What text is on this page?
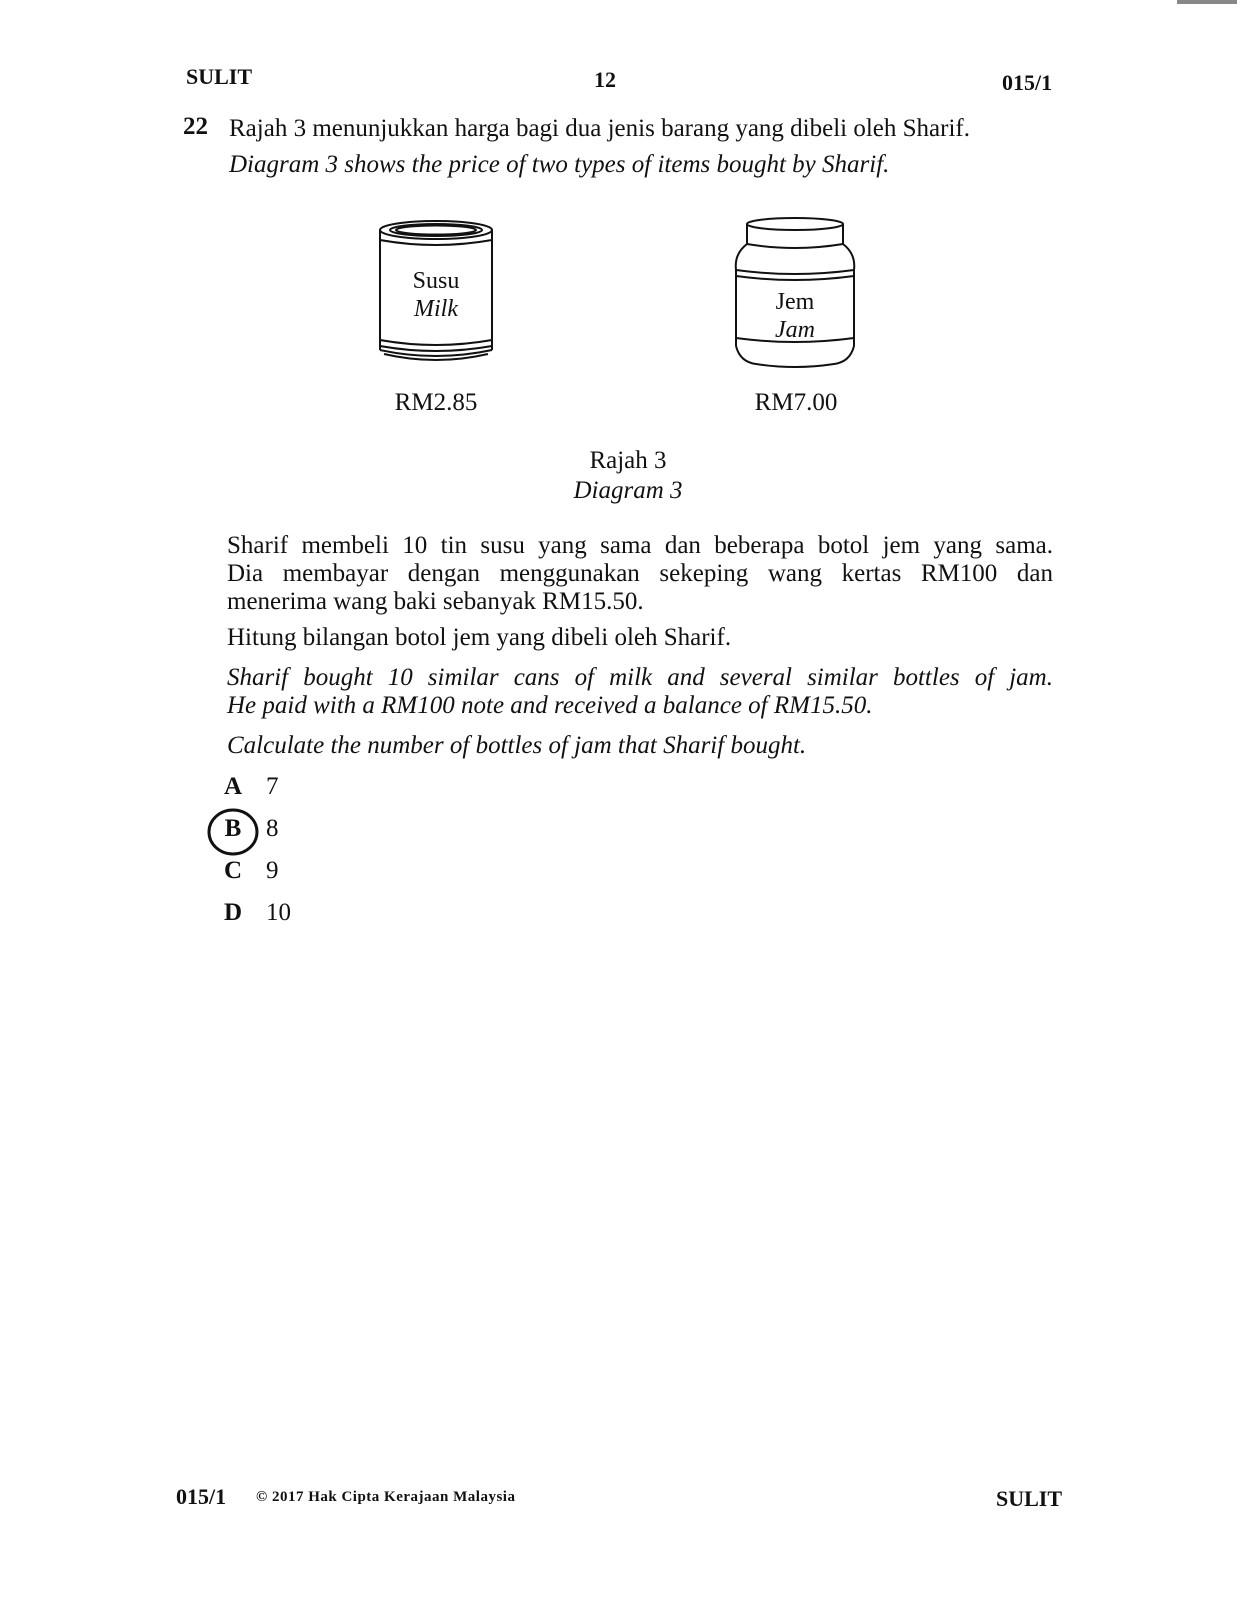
SULIT	12	015/1
22 Rajah 3 menunjukkan harga bagi dua jenis barang yang dibeli oleh Sharif.
Diagram 3 shows the price of two types of items bought by Sharif.
Susu
Milk	Jem
Jam
RM2.85	RM7.00
Rajah 3
Diagram 3
Sharif membeli 10 tin susu yang sama dan beberapa botol jem yang sama.
Dia membayar dengan menggunakan sekeping wang kertas RM100 dan
menerima wang baki sebanyak RM15.50.
Hitung bilangan botol jem yang dibeli oleh Sharif.
Sharif bought 10 similar cans of milk and several similar bottles of jam.
He paid with a RM100 note and received a balance of RM15.50.
Calculate the number of bottles of jam that Sharif bought.
A 7
B 8
C 9
D 10
015/1 © 2017 Hak Cipta Kerajaan Malaysia	SULIT
